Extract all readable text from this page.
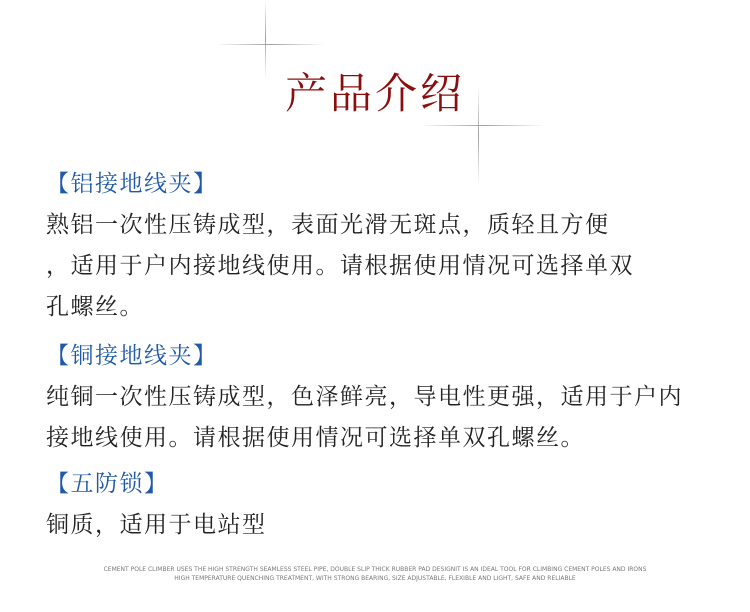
产品介绍
【铝接地线夹】
熟铝一次性压铸成型，表面光滑无斑点，质轻且方便
，适用于户内接地线使用。请根据使用情况可选择单双
孔螺丝。
【铜接地线夹】
纯铜一次性压铸成型，色泽鲜亮，导电性更强，适用于户内
接地线使用。请根据使用情况可选择单双孔螺丝。
【五防锁】
铜质，适用于电站型
CEMENT POLE CLIMBER USES THE HIGH STRENGTH SEAMLESS STEEL PIPE, DOUBLE SLIP THICK RUBBER PAD DESIGNIT IS AN IDEAL TOOL FOR CLIMBING CEMENT POLES AND IRONS
HIGH TEMPERATURE QUENCHING TREATMENT, WITH STRONG BEARING, SIZE ADJUSTABLE, FLEXIBLE AND LIGHT, SAFE AND RELIABLE
